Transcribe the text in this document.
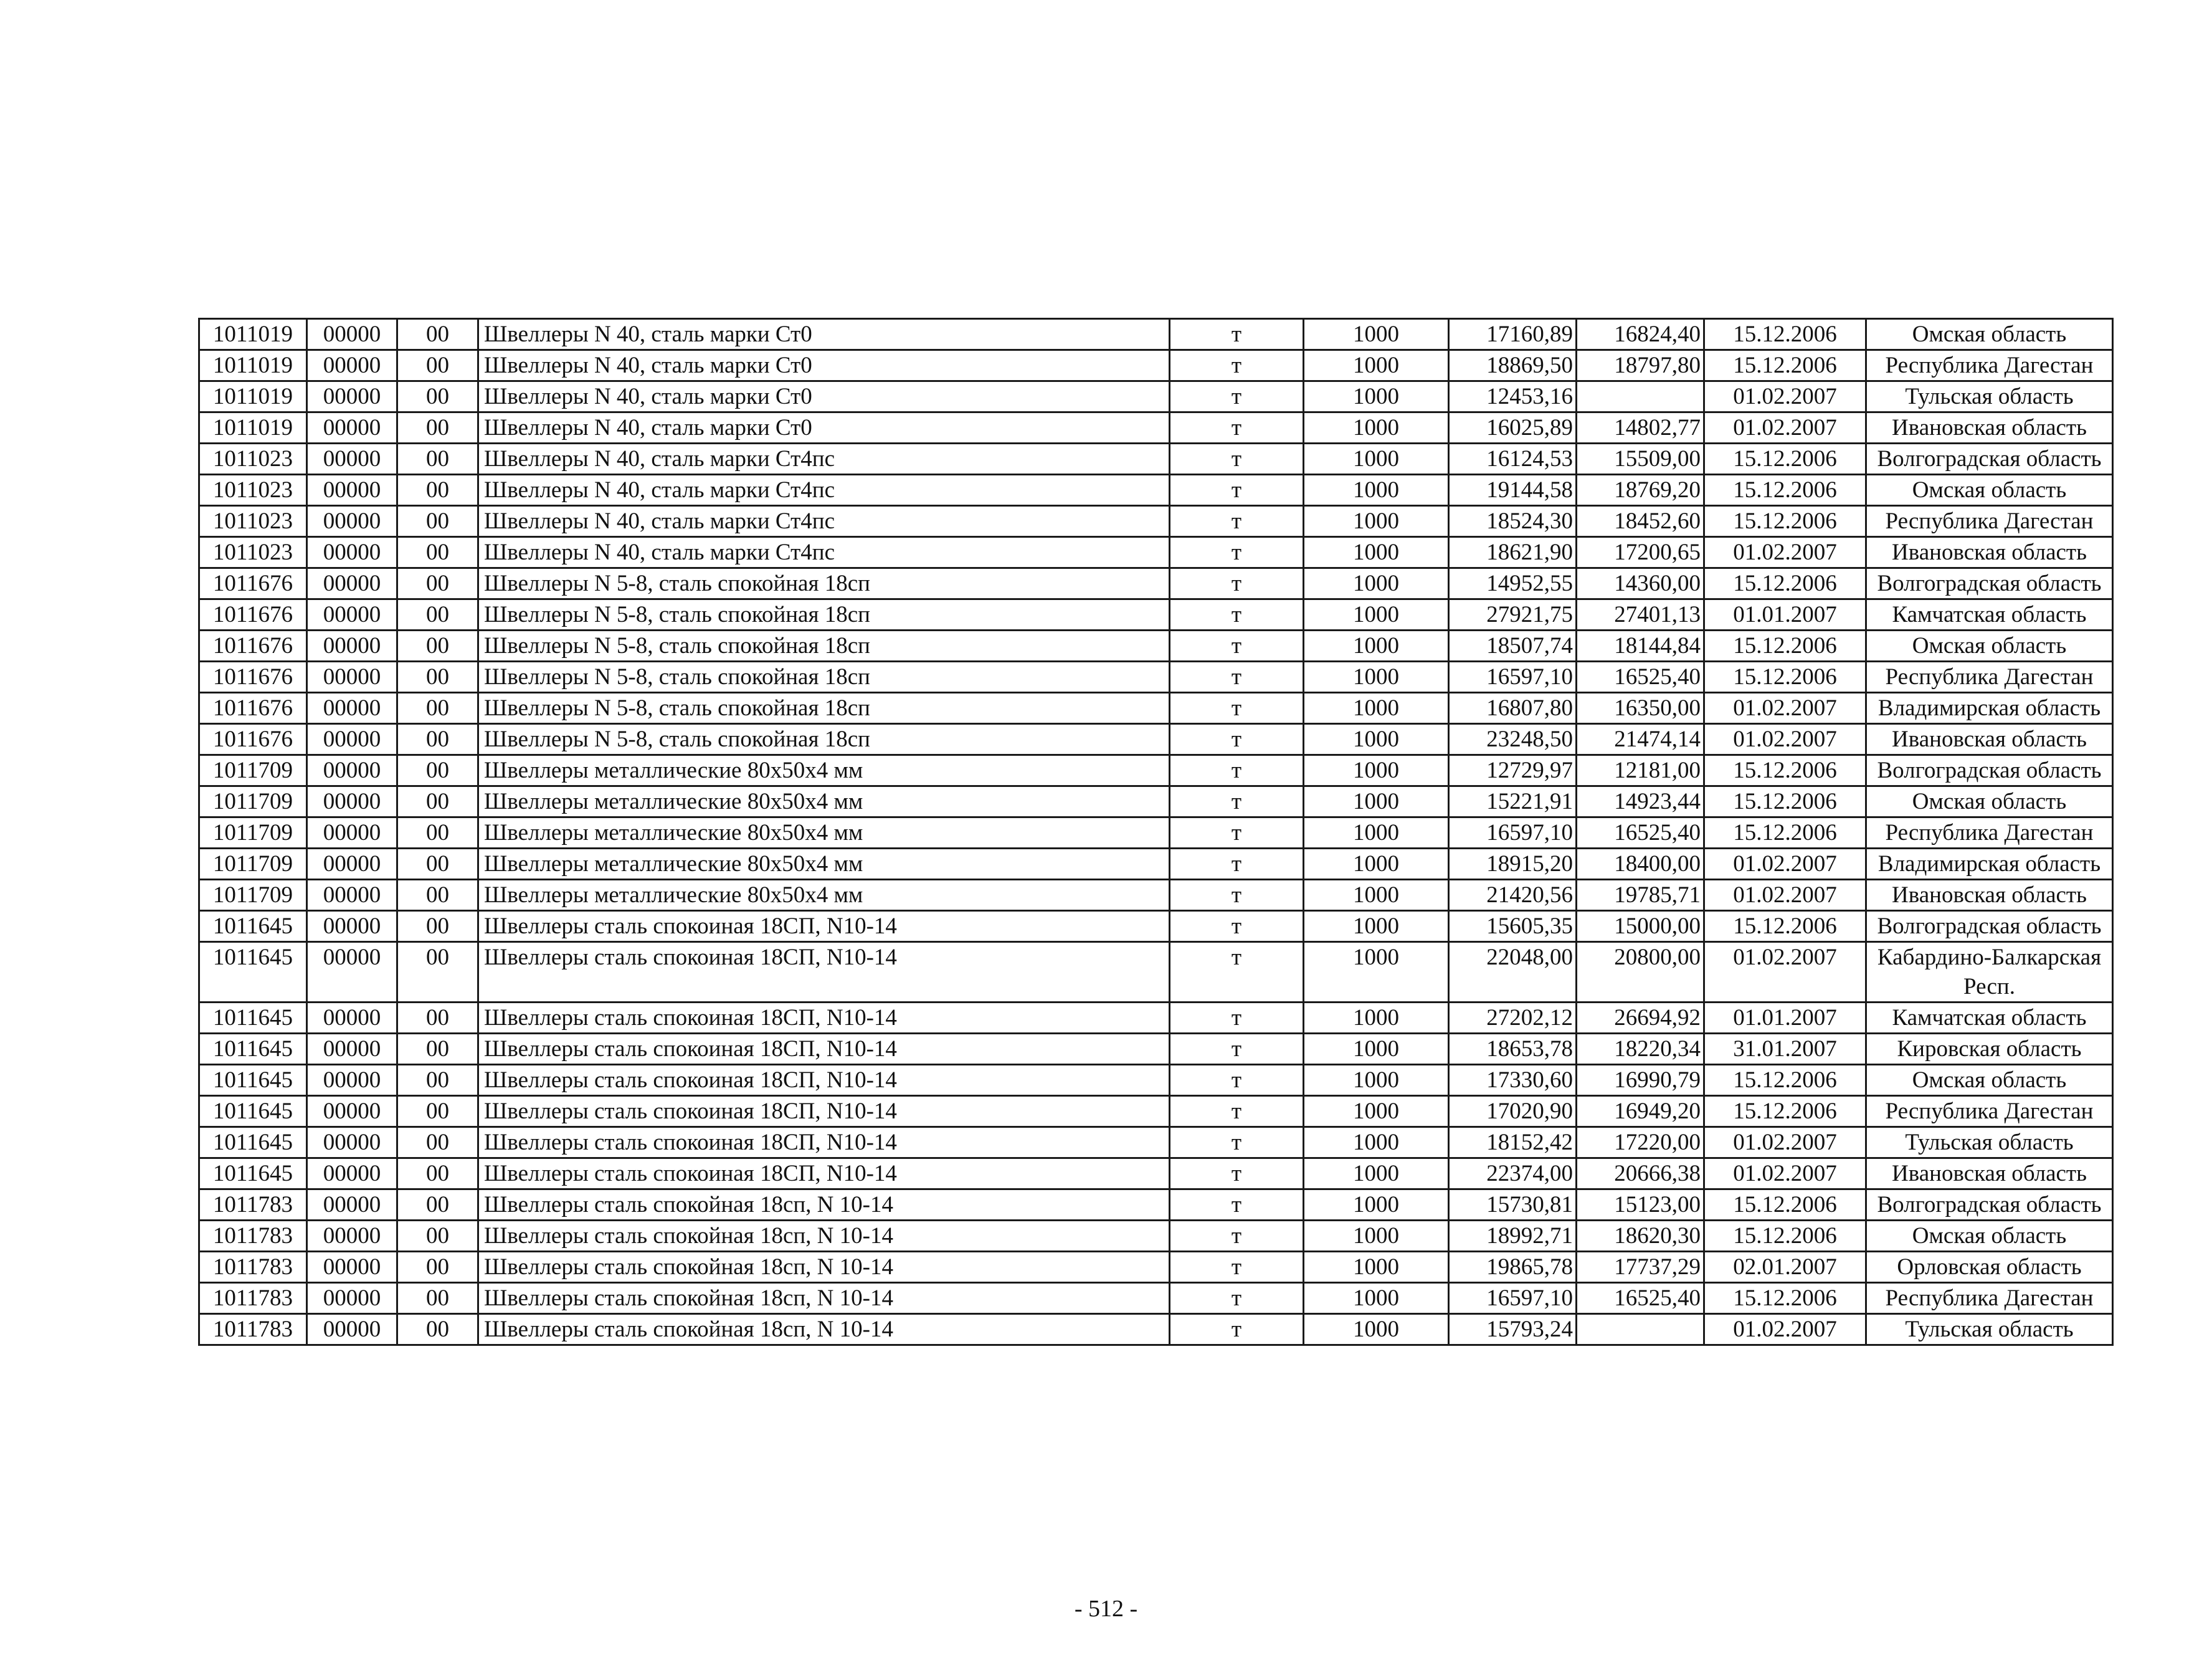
1011019	00000	00	Швеллеры N 40, сталь марки Ст0	т	1000	17160,89	16824,40	15.12.2006	Омская область
1011019	00000	00	Швеллеры N 40, сталь марки Ст0	т	1000	18869,50	18797,80	15.12.2006	Республика Дагестан
1011019	00000	00	Швеллеры N 40, сталь марки Ст0	т	1000	12453,16		01.02.2007	Тульская область
1011019	00000	00	Швеллеры N 40, сталь марки Ст0	т	1000	16025,89	14802,77	01.02.2007	Ивановская область
1011023	00000	00	Швеллеры N 40, сталь марки Ст4пс	т	1000	16124,53	15509,00	15.12.2006	Волгоградская область
1011023	00000	00	Швеллеры N 40, сталь марки Ст4пс	т	1000	19144,58	18769,20	15.12.2006	Омская область
1011023	00000	00	Швеллеры N 40, сталь марки Ст4пс	т	1000	18524,30	18452,60	15.12.2006	Республика Дагестан
1011023	00000	00	Швеллеры N 40, сталь марки Ст4пс	т	1000	18621,90	17200,65	01.02.2007	Ивановская область
1011676	00000	00	Швеллеры N 5-8, сталь спокойная 18сп	т	1000	14952,55	14360,00	15.12.2006	Волгоградская область
1011676	00000	00	Швеллеры N 5-8, сталь спокойная 18сп	т	1000	27921,75	27401,13	01.01.2007	Камчатская область
1011676	00000	00	Швеллеры N 5-8, сталь спокойная 18сп	т	1000	18507,74	18144,84	15.12.2006	Омская область
1011676	00000	00	Швеллеры N 5-8, сталь спокойная 18сп	т	1000	16597,10	16525,40	15.12.2006	Республика Дагестан
1011676	00000	00	Швеллеры N 5-8, сталь спокойная 18сп	т	1000	16807,80	16350,00	01.02.2007	Владимирская область
1011676	00000	00	Швеллеры N 5-8, сталь спокойная 18сп	т	1000	23248,50	21474,14	01.02.2007	Ивановская область
1011709	00000	00	Швеллеры металлические 80x50x4 мм	т	1000	12729,97	12181,00	15.12.2006	Волгоградская область
1011709	00000	00	Швеллеры металлические 80x50x4 мм	т	1000	15221,91	14923,44	15.12.2006	Омская область
1011709	00000	00	Швеллеры металлические 80x50x4 мм	т	1000	16597,10	16525,40	15.12.2006	Республика Дагестан
1011709	00000	00	Швеллеры металлические 80x50x4 мм	т	1000	18915,20	18400,00	01.02.2007	Владимирская область
1011709	00000	00	Швеллеры металлические 80x50x4 мм	т	1000	21420,56	19785,71	01.02.2007	Ивановская область
1011645	00000	00	Швеллеры сталь спокоиная 18СП, N10-14	т	1000	15605,35	15000,00	15.12.2006	Волгоградская область
1011645	00000	00	Швеллеры сталь спокоиная 18СП, N10-14	т	1000	22048,00	20800,00	01.02.2007	Кабардино-Балкарская Респ.
1011645	00000	00	Швеллеры сталь спокоиная 18СП, N10-14	т	1000	27202,12	26694,92	01.01.2007	Камчатская область
1011645	00000	00	Швеллеры сталь спокоиная 18СП, N10-14	т	1000	18653,78	18220,34	31.01.2007	Кировская область
1011645	00000	00	Швеллеры сталь спокоиная 18СП, N10-14	т	1000	17330,60	16990,79	15.12.2006	Омская область
1011645	00000	00	Швеллеры сталь спокоиная 18СП, N10-14	т	1000	17020,90	16949,20	15.12.2006	Республика Дагестан
1011645	00000	00	Швеллеры сталь спокоиная 18СП, N10-14	т	1000	18152,42	17220,00	01.02.2007	Тульская область
1011645	00000	00	Швеллеры сталь спокоиная 18СП, N10-14	т	1000	22374,00	20666,38	01.02.2007	Ивановская область
1011783	00000	00	Швеллеры сталь спокойная 18сп, N 10-14	т	1000	15730,81	15123,00	15.12.2006	Волгоградская область
1011783	00000	00	Швеллеры сталь спокойная 18сп, N 10-14	т	1000	18992,71	18620,30	15.12.2006	Омская область
1011783	00000	00	Швеллеры сталь спокойная 18сп, N 10-14	т	1000	19865,78	17737,29	02.01.2007	Орловская область
1011783	00000	00	Швеллеры сталь спокойная 18сп, N 10-14	т	1000	16597,10	16525,40	15.12.2006	Республика Дагестан
1011783	00000	00	Швеллеры сталь спокойная 18сп, N 10-14	т	1000	15793,24		01.02.2007	Тульская область
- 512 -
